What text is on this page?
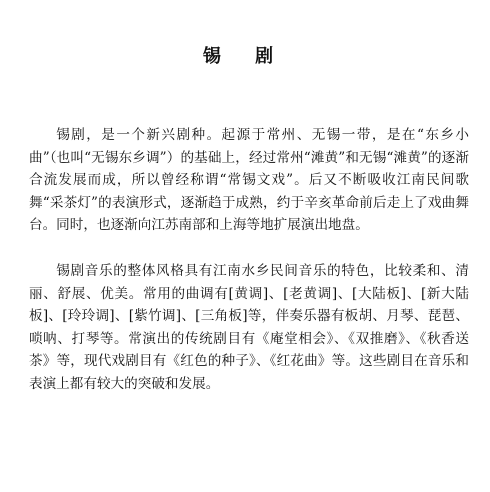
锡 剧

锡剧，是一个新兴剧种。起源于常州、无锡一带，是在“东乡小曲”（也叫“无锡东乡调”）的基础上，经过常州“滩黄”和无锡“滩黄”的逐渐合流发展而成，所以曾经称谓“常锡文戏”。后又不断吸收江南民间歌舞“采茶灯”的表演形式，逐渐趋于成熟，约于辛亥革命前后走上了戏曲舞台。同时，也逐渐向江苏南部和上海等地扩展演出地盘。

锡剧音乐的整体风格具有江南水乡民间音乐的特色，比较柔和、清丽、舒展、优美。常用的曲调有[黄调]、[老黄调]、[大陆板]、[新大陆板]、[玲玲调]、[紫竹调]、[三角板]等，伴奏乐器有板胡、月琴、琵琶、唢呐、打琴等。常演出的传统剧目有《庵堂相会》、《双推磨》、《秋香送茶》等，现代戏剧目有《红色的种子》、《红花曲》等。这些剧目在音乐和表演上都有较大的突破和发展。
